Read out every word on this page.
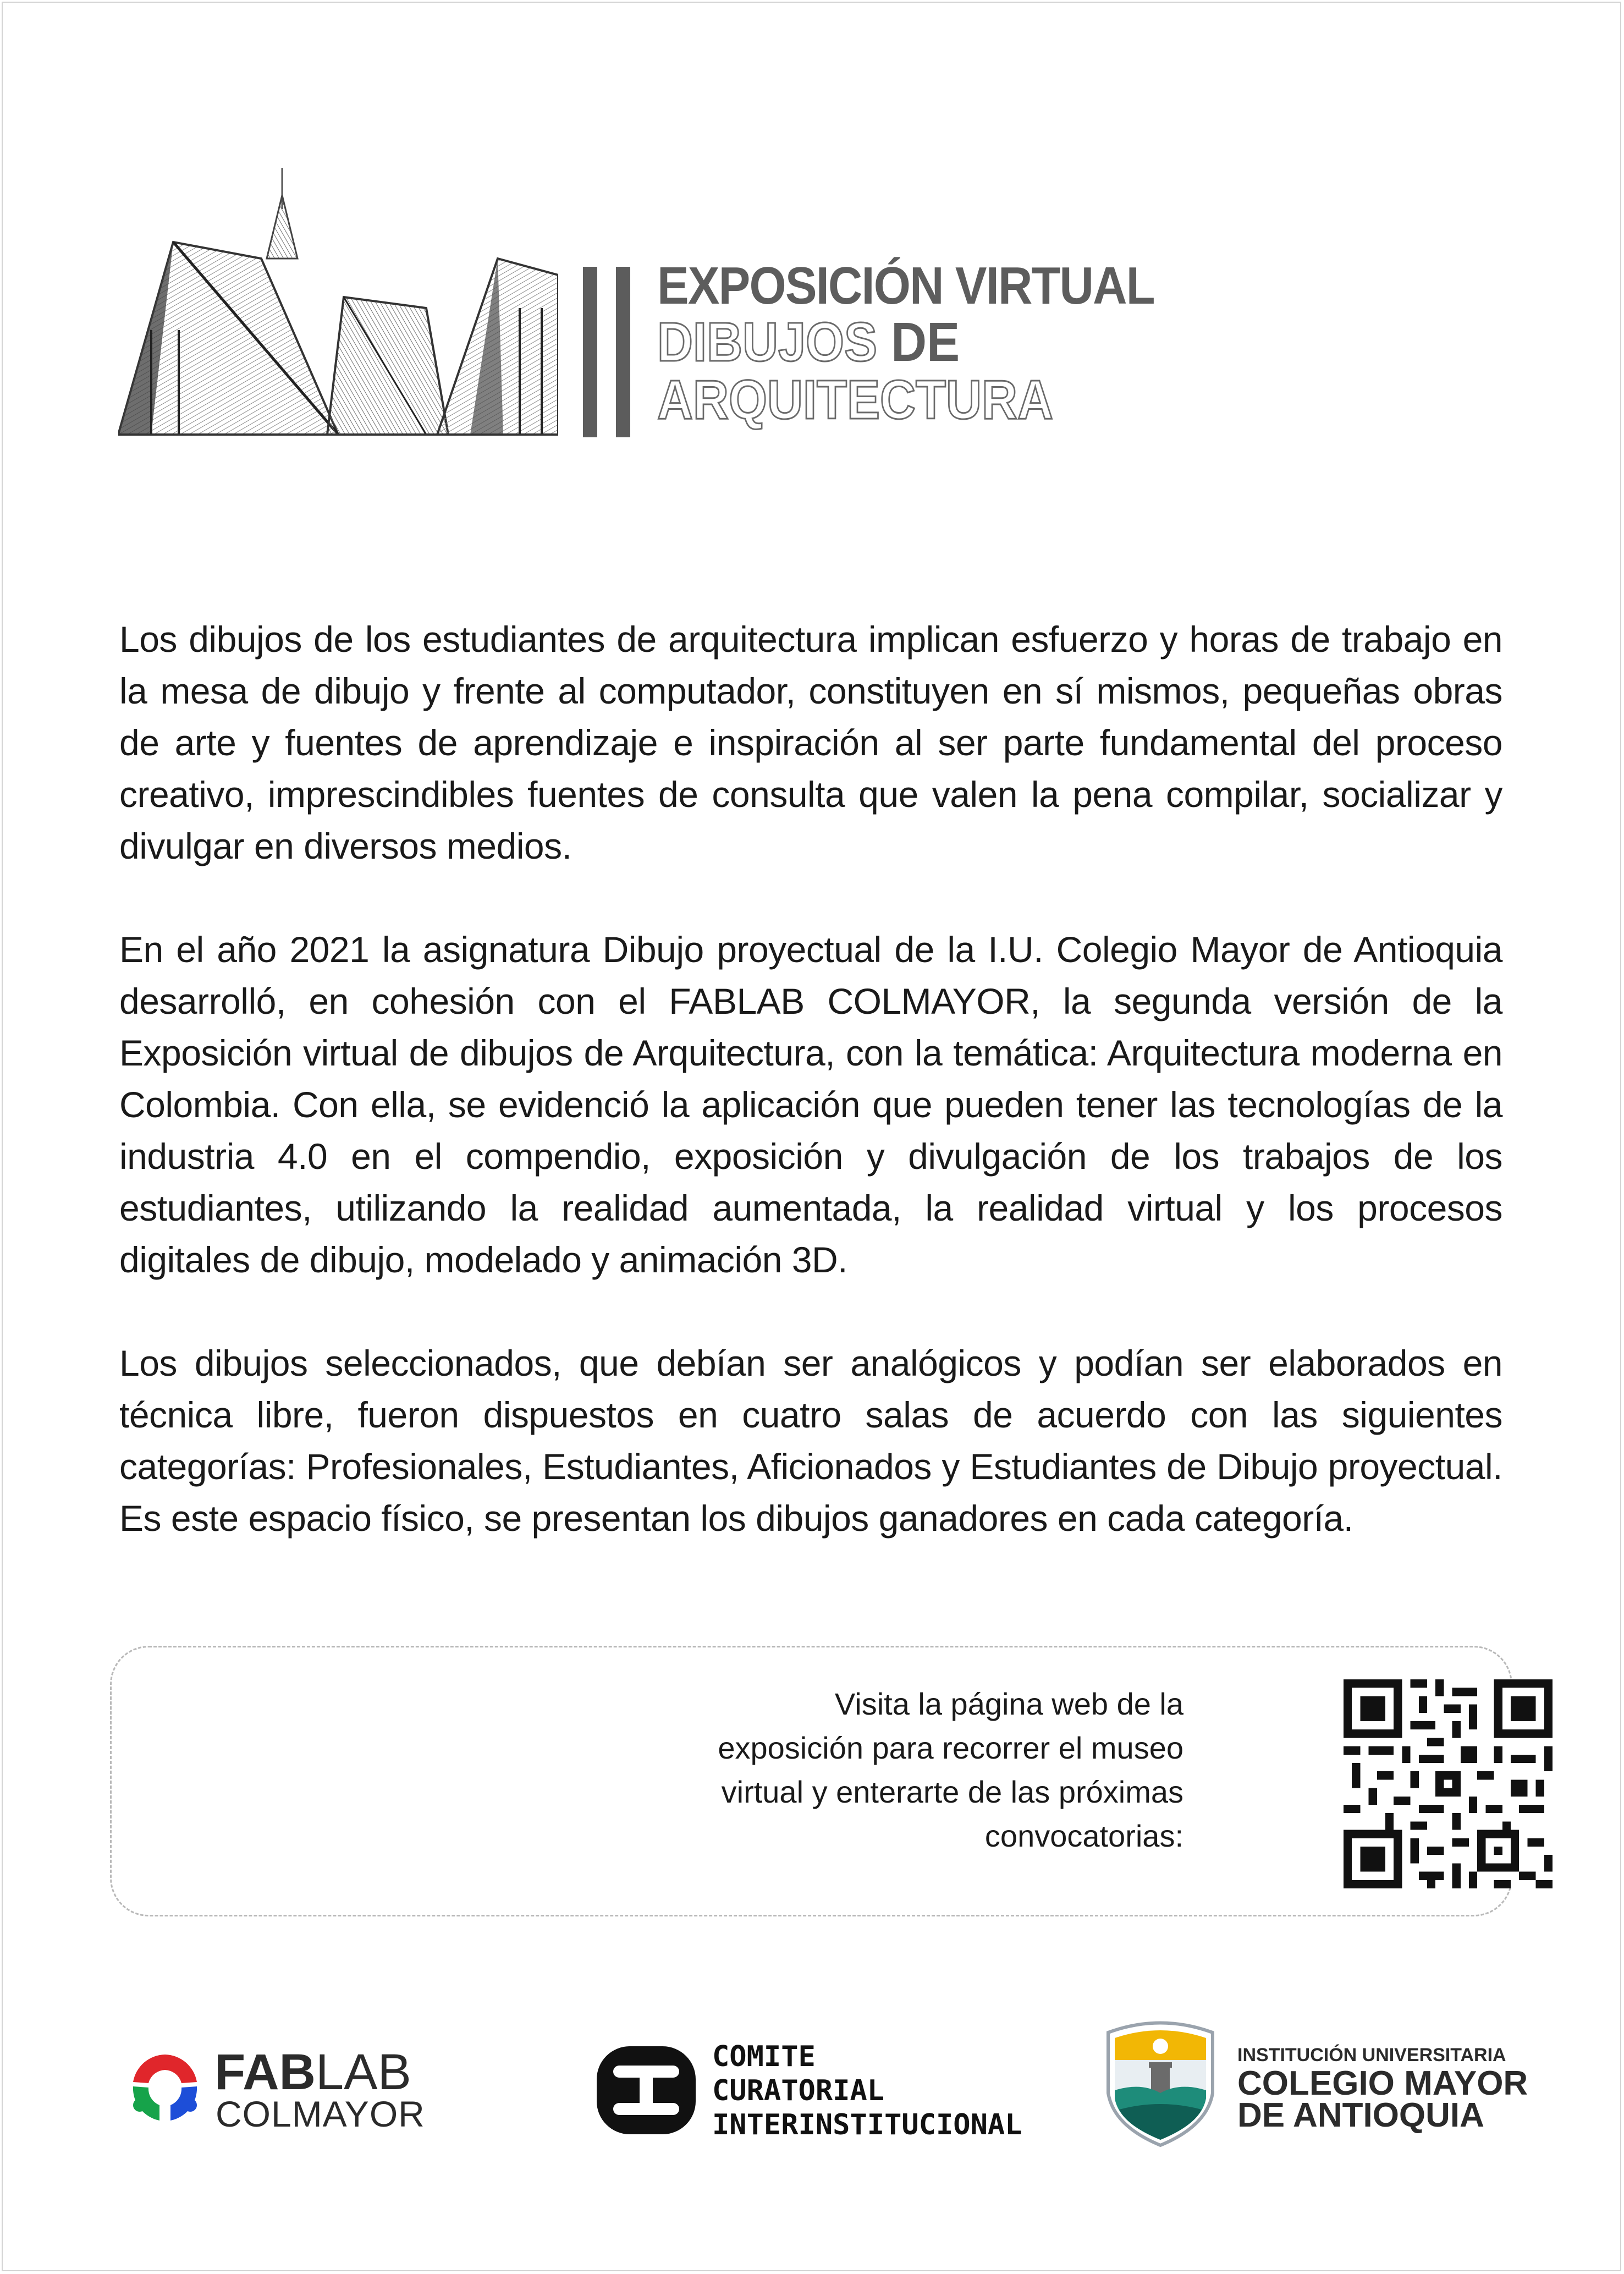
EXPOSICIÓN VIRTUAL
DIBUJOS DE
ARQUITECTURA

Los dibujos de los estudiantes de arquitectura implican esfuerzo y horas de trabajo en la mesa de dibujo y frente al computador, constituyen en sí mismos, pequeñas obras de arte y fuentes de aprendizaje e inspiración al ser parte fundamental del proceso creativo, imprescindibles fuentes de consulta que valen la pena compilar, socializar y divulgar en diversos medios.

En el año 2021 la asignatura Dibujo proyectual de la I.U. Colegio Mayor de Antioquia desarrolló, en cohesión con el FABLAB COLMAYOR, la segunda versión de la Exposición virtual de dibujos de Arquitectura, con la temática: Arquitectura moderna en Colombia. Con ella, se evidenció la aplicación que pueden tener las tecnologías de la industria 4.0 en el compendio, exposición y divulgación de los trabajos de los estudiantes, utilizando la realidad aumentada, la realidad virtual y los procesos digitales de dibujo, modelado y animación 3D.

Los dibujos seleccionados, que debían ser analógicos y podían ser elaborados en técnica libre, fueron dispuestos en cuatro salas de acuerdo con las siguientes categorías: Profesionales, Estudiantes, Aficionados y Estudiantes de Dibujo proyectual. Es este espacio físico, se presentan los dibujos ganadores en cada categoría.

Visita la página web de la
exposición para recorrer el museo
virtual y enterarte de las próximas
convocatorias:
FABLAB
COLMAYOR
COMITE
CURATORIAL
INTERINSTITUCIONAL
INSTITUCIÓN UNIVERSITARIA
COLEGIO MAYOR
DE ANTIOQUIA
